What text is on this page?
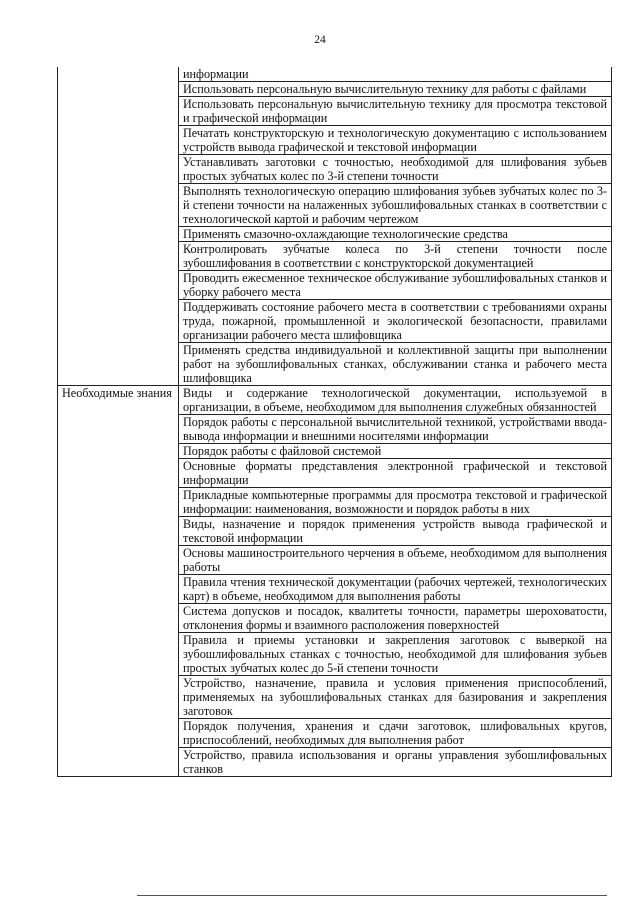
24
	информации
	Использовать персональную вычислительную технику для работы с файлами
	Использовать персональную вычислительную технику для просмотра текстовой и графической информации
	Печатать конструкторскую и технологическую документацию с использованием устройств вывода графической и текстовой информации
	Устанавливать заготовки с точностью, необходимой для шлифования зубьев простых зубчатых колес по 3-й степени точности
	Выполнять технологическую операцию шлифования зубьев зубчатых колес по 3-й степени точности на налаженных зубошлифовальных станках в соответствии с технологической картой и рабочим чертежом
	Применять смазочно-охлаждающие технологические средства
	Контролировать зубчатые колеса по 3-й степени точности после зубошлифования в соответствии с конструкторской документацией
	Проводить ежесменное техническое обслуживание зубошлифовальных станков и уборку рабочего места
	Поддерживать состояние рабочего места в соответствии с требованиями охраны труда, пожарной, промышленной и экологической безопасности, правилами организации рабочего места шлифовщика
	Применять средства индивидуальной и коллективной защиты при выполнении работ на зубошлифовальных станках, обслуживании станка и рабочего места шлифовщика
Необходимые знания	Виды и содержание технологической документации, используемой в организации, в объеме, необходимом для выполнения служебных обязанностей
	Порядок работы с персональной вычислительной техникой, устройствами ввода-вывода информации и внешними носителями информации
	Порядок работы с файловой системой
	Основные форматы представления электронной графической и текстовой информации
	Прикладные компьютерные программы для просмотра текстовой и графической информации: наименования, возможности и порядок работы в них
	Виды, назначение и порядок применения устройств вывода графической и текстовой информации
	Основы машиностроительного черчения в объеме, необходимом для выполнения работы
	Правила чтения технической документации (рабочих чертежей, технологических карт) в объеме, необходимом для выполнения работы
	Система допусков и посадок, квалитеты точности, параметры шероховатости, отклонения формы и взаимного расположения поверхностей
	Правила и приемы установки и закрепления заготовок с выверкой на зубошлифовальных станках с точностью, необходимой для шлифования зубьев простых зубчатых колес до 5-й степени точности
	Устройство, назначение, правила и условия применения приспособлений, применяемых на зубошлифовальных станках для базирования и закрепления заготовок
	Порядок получения, хранения и сдачи заготовок, шлифовальных кругов, приспособлений, необходимых для выполнения работ
	Устройство, правила использования и органы управления зубошлифовальных станков
